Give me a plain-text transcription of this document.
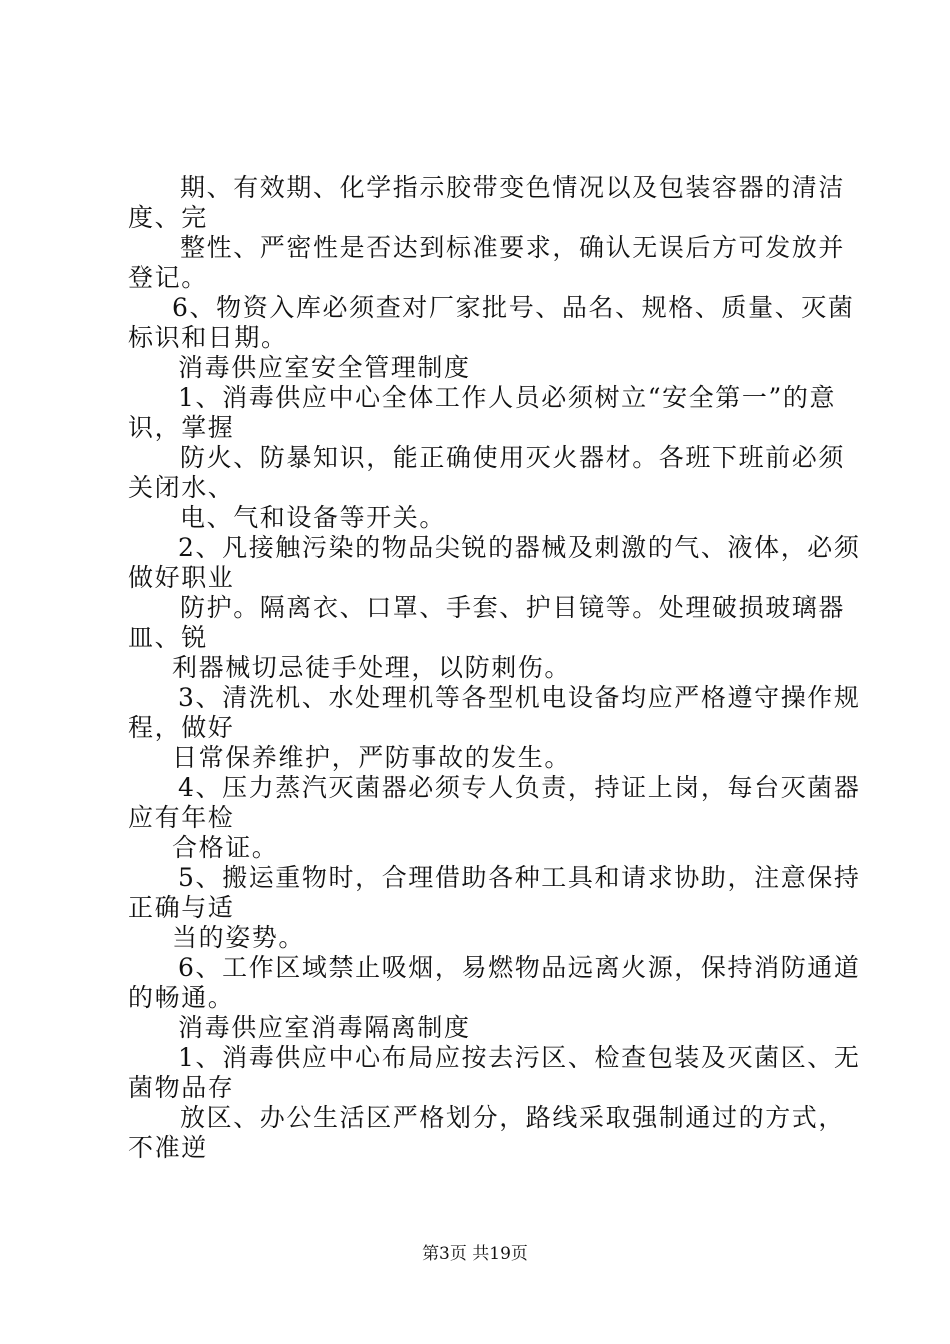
期、有效期、化学指示胶带变色情况以及包装容器的清洁
度、完
整性、严密性是否达到标准要求，确认无误后方可发放并
登记。
6、物资入库必须查对厂家批号、品名、规格、质量、灭菌
标识和日期。
消毒供应室安全管理制度
1、消毒供应中心全体工作人员必须树立“安全第一”的意
识，掌握
防火、防暴知识，能正确使用灭火器材。各班下班前必须
关闭水、
电、气和设备等开关。
2、凡接触污染的物品尖锐的器械及刺激的气、液体，必须
做好职业
防护。隔离衣、口罩、手套、护目镜等。处理破损玻璃器
皿、锐
利器械切忌徒手处理，以防刺伤。
3、清洗机、水处理机等各型机电设备均应严格遵守操作规
程，做好
日常保养维护，严防事故的发生。
4、压力蒸汽灭菌器必须专人负责，持证上岗，每台灭菌器
应有年检
合格证。
5、搬运重物时，合理借助各种工具和请求协助，注意保持
正确与适
当的姿势。
6、工作区域禁止吸烟，易燃物品远离火源，保持消防通道
的畅通。
消毒供应室消毒隔离制度
1、消毒供应中心布局应按去污区、检查包装及灭菌区、无
菌物品存
放区、办公生活区严格划分，路线采取强制通过的方式，
不准逆
第3页 共19页
